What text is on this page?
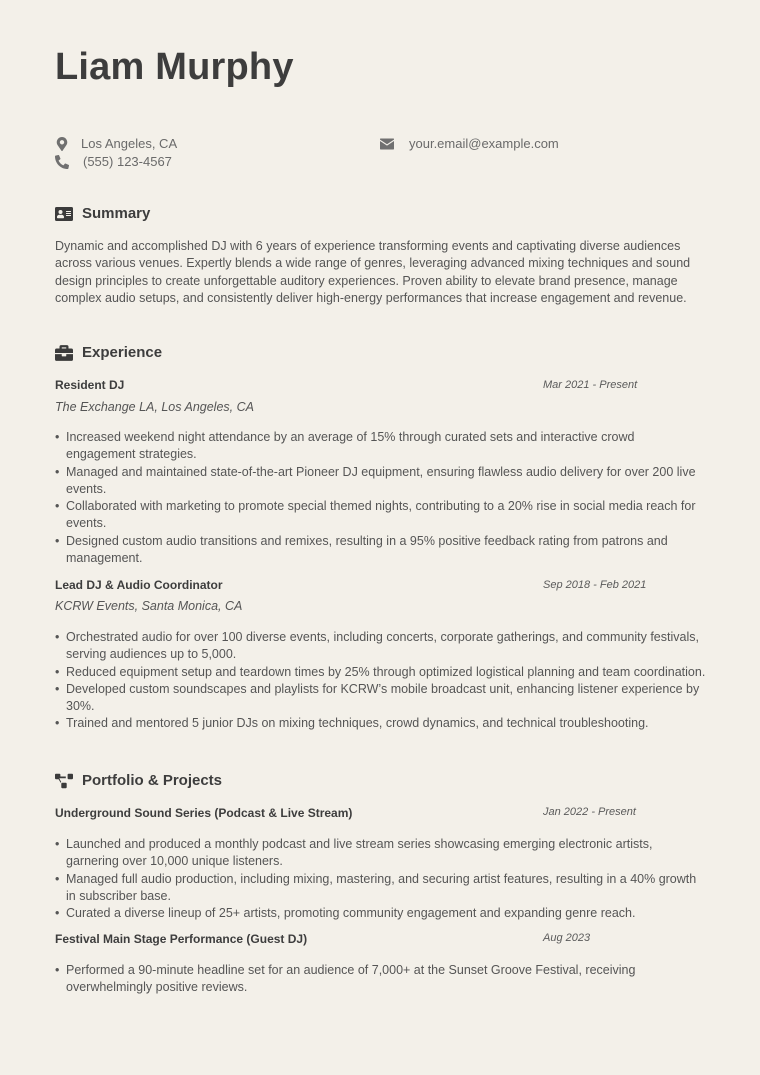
Liam Murphy
Los Angeles, CA
(555) 123-4567
your.email@example.com
Summary
Dynamic and accomplished DJ with 6 years of experience transforming events and captivating diverse audiences across various venues. Expertly blends a wide range of genres, leveraging advanced mixing techniques and sound design principles to create unforgettable auditory experiences. Proven ability to elevate brand presence, manage complex audio setups, and consistently deliver high-energy performances that increase engagement and revenue.
Experience
Resident DJ	Mar 2021 - Present
The Exchange LA, Los Angeles, CA
• Increased weekend night attendance by an average of 15% through curated sets and interactive crowd engagement strategies.
• Managed and maintained state-of-the-art Pioneer DJ equipment, ensuring flawless audio delivery for over 200 live events.
• Collaborated with marketing to promote special themed nights, contributing to a 20% rise in social media reach for events.
• Designed custom audio transitions and remixes, resulting in a 95% positive feedback rating from patrons and management.
Lead DJ & Audio Coordinator	Sep 2018 - Feb 2021
KCRW Events, Santa Monica, CA
• Orchestrated audio for over 100 diverse events, including concerts, corporate gatherings, and community festivals, serving audiences up to 5,000.
• Reduced equipment setup and teardown times by 25% through optimized logistical planning and team coordination.
• Developed custom soundscapes and playlists for KCRW’s mobile broadcast unit, enhancing listener experience by 30%.
• Trained and mentored 5 junior DJs on mixing techniques, crowd dynamics, and technical troubleshooting.
Portfolio & Projects
Underground Sound Series (Podcast & Live Stream)	Jan 2022 - Present
• Launched and produced a monthly podcast and live stream series showcasing emerging electronic artists, garnering over 10,000 unique listeners.
• Managed full audio production, including mixing, mastering, and securing artist features, resulting in a 40% growth in subscriber base.
• Curated a diverse lineup of 25+ artists, promoting community engagement and expanding genre reach.
Festival Main Stage Performance (Guest DJ)	Aug 2023
• Performed a 90-minute headline set for an audience of 7,000+ at the Sunset Groove Festival, receiving overwhelmingly positive reviews.
